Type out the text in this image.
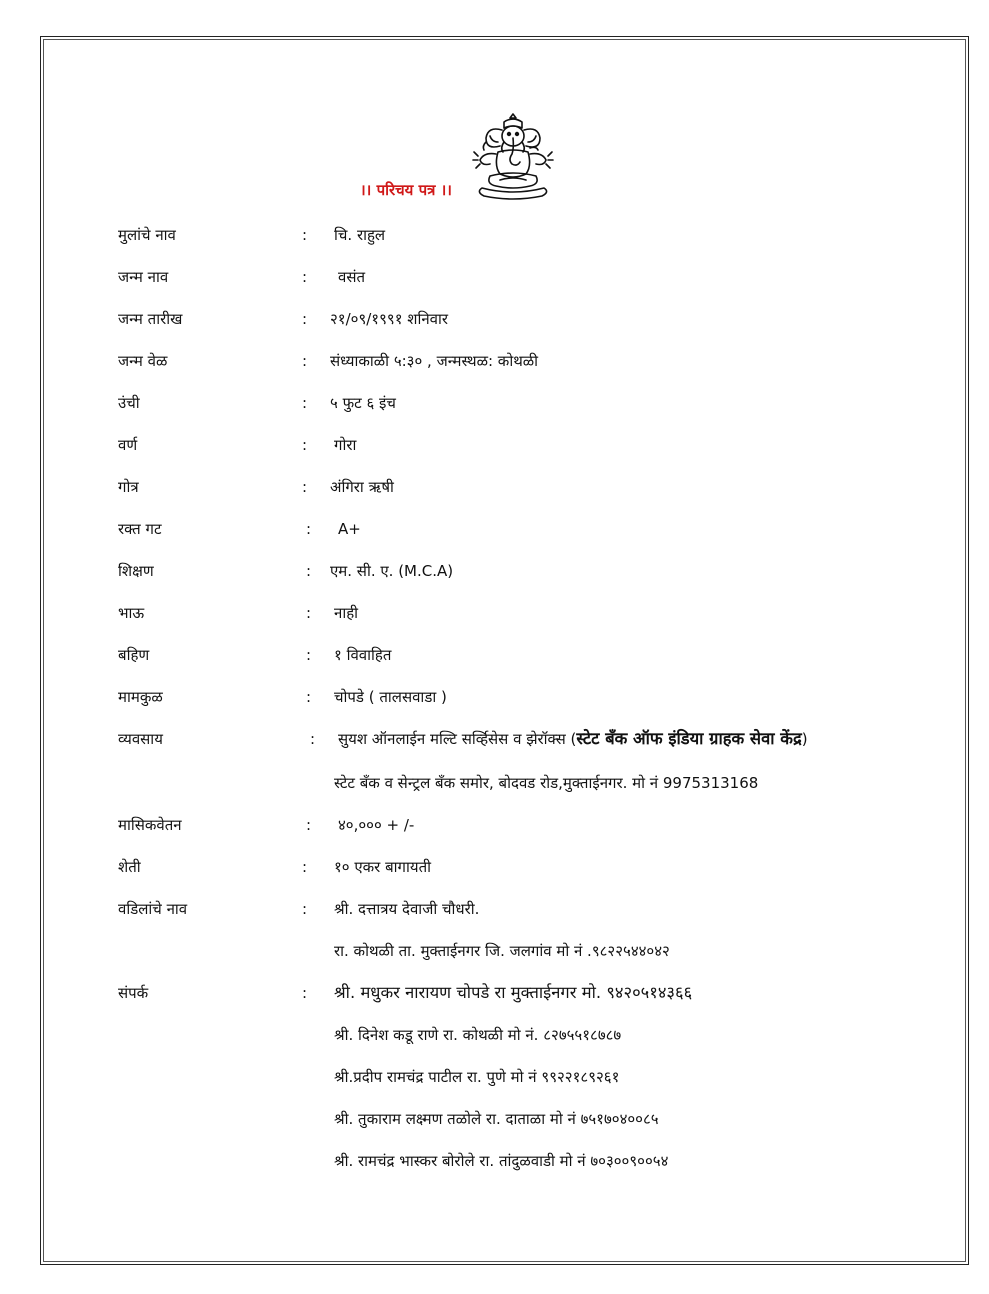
।। परिचय पत्र ।।
मुलांचे नाव	: चि. राहुल
जन्म नाव	: वसंत
जन्म तारीख	: २१/०९/१९९१ शनिवार
जन्म वेळ	: संध्याकाळी ५:३० , जन्मस्थळ: कोथळी
उंची	: ५ फुट ६ इंच
वर्ण	: गोरा
गोत्र	: अंगिरा ऋषी
रक्त गट	: A+
शिक्षण	: एम. सी. ए. (M.C.A)
भाऊ	: नाही
बहिण	: १ विवाहित
मामकुळ	: चोपडे ( तालसवाडा )
व्यवसाय	: सुयश ऑनलाईन मल्टि सर्व्हिसेस व झेरॉक्स (स्टेट बँक ऑफ इंडिया ग्राहक सेवा केंद्र)
स्टेट बँक व सेन्ट्रल बँक समोर, बोदवड रोड,मुक्ताईनगर. मो नं 9975313168
मासिकवेतन	: ४०,००० + /-
शेती	: १० एकर बागायती
वडिलांचे नाव	: श्री. दत्तात्रय देवाजी चौधरी.
रा. कोथळी ता. मुक्ताईनगर जि. जलगांव मो नं .९८२२५४४०४२
संपर्क	: श्री. मधुकर नारायण चोपडे रा मुक्ताईनगर मो. ९४२०५१४३६६
श्री. दिनेश कडू राणे रा. कोथळी मो नं. ८२७५५१८७८७
श्री.प्रदीप रामचंद्र पाटील रा. पुणे मो नं ९९२२१८९२६१
श्री. तुकाराम लक्ष्मण तळोले रा. दाताळा मो नं ७५१७०४००८५
श्री. रामचंद्र भास्कर बोरोले रा. तांदुळवाडी मो नं ७०३००९००५४
